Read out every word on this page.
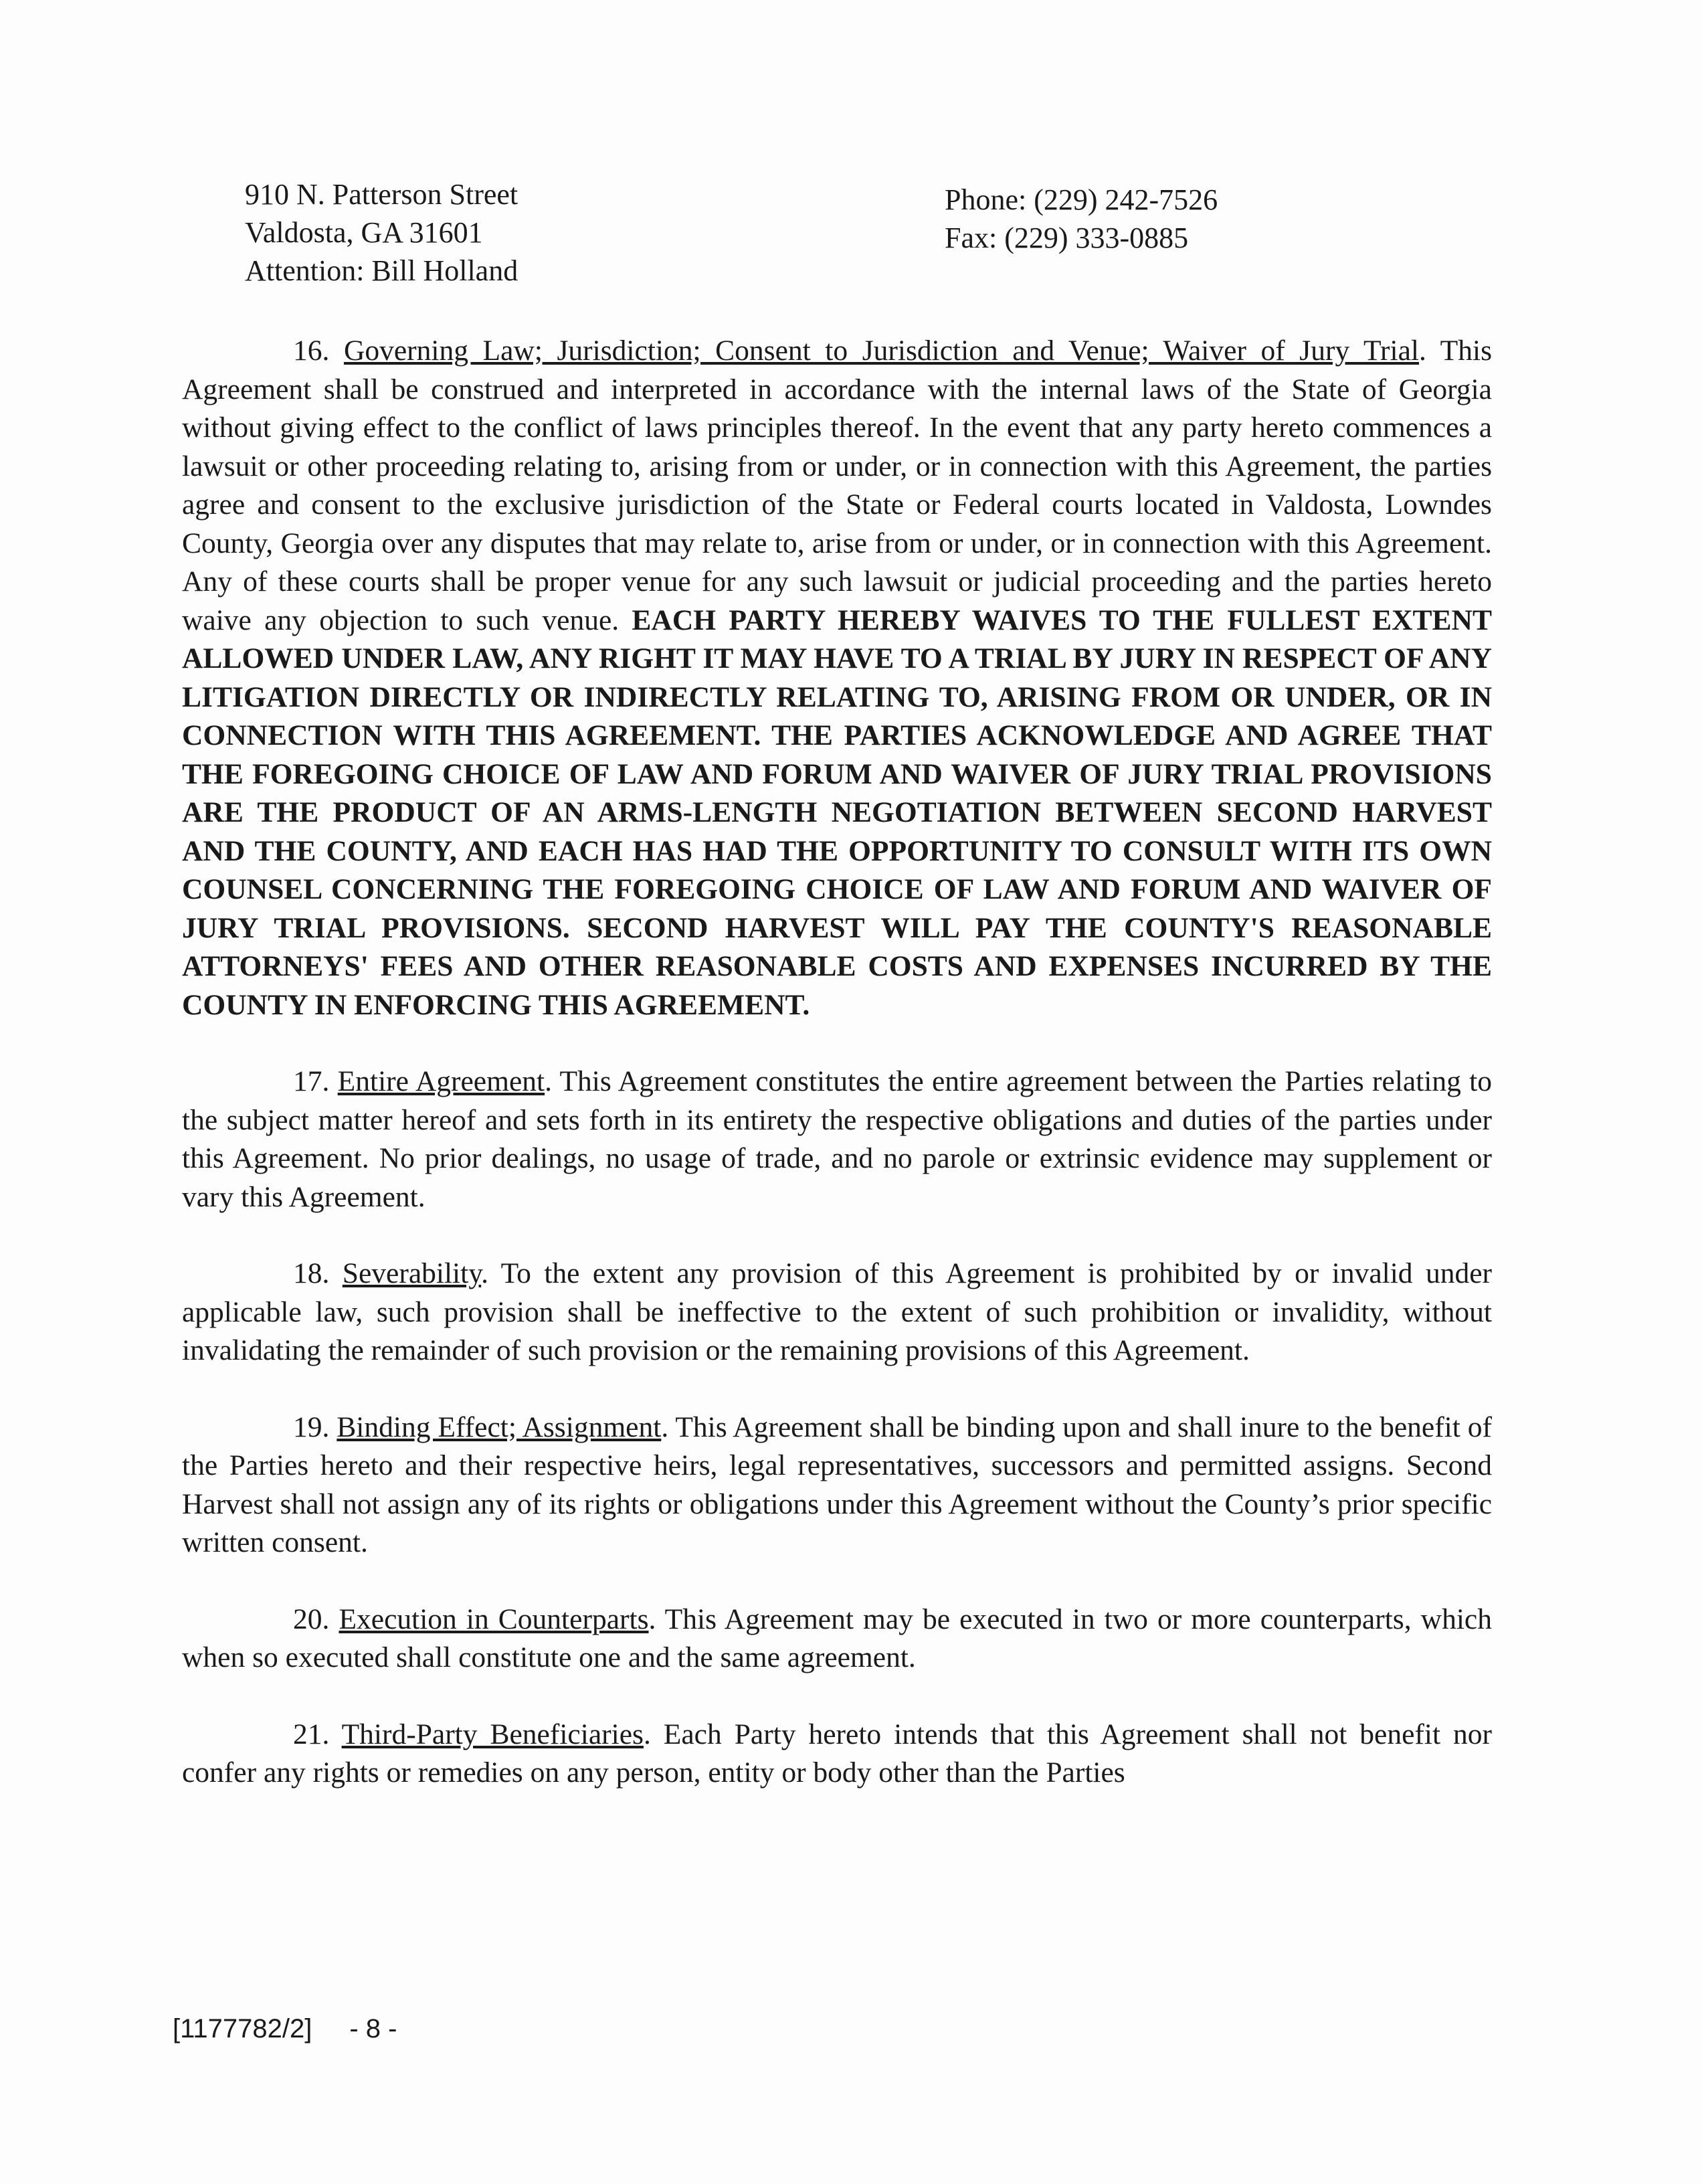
910 N. Patterson Street
Valdosta, GA 31601
Attention: Bill Holland
Phone: (229) 242-7526
Fax: (229) 333-0885

16. Governing Law; Jurisdiction; Consent to Jurisdiction and Venue; Waiver of Jury Trial. This Agreement shall be construed and interpreted in accordance with the internal laws of the State of Georgia without giving effect to the conflict of laws principles thereof. In the event that any party hereto commences a lawsuit or other proceeding relating to, arising from or under, or in connection with this Agreement, the parties agree and consent to the exclusive jurisdiction of the State or Federal courts located in Valdosta, Lowndes County, Georgia over any disputes that may relate to, arise from or under, or in connection with this Agreement. Any of these courts shall be proper venue for any such lawsuit or judicial proceeding and the parties hereto waive any objection to such venue. EACH PARTY HEREBY WAIVES TO THE FULLEST EXTENT ALLOWED UNDER LAW, ANY RIGHT IT MAY HAVE TO A TRIAL BY JURY IN RESPECT OF ANY LITIGATION DIRECTLY OR INDIRECTLY RELATING TO, ARISING FROM OR UNDER, OR IN CONNECTION WITH THIS AGREEMENT. THE PARTIES ACKNOWLEDGE AND AGREE THAT THE FOREGOING CHOICE OF LAW AND FORUM AND WAIVER OF JURY TRIAL PROVISIONS ARE THE PRODUCT OF AN ARMS-LENGTH NEGOTIATION BETWEEN SECOND HARVEST AND THE COUNTY, AND EACH HAS HAD THE OPPORTUNITY TO CONSULT WITH ITS OWN COUNSEL CONCERNING THE FOREGOING CHOICE OF LAW AND FORUM AND WAIVER OF JURY TRIAL PROVISIONS. SECOND HARVEST WILL PAY THE COUNTY'S REASONABLE ATTORNEYS' FEES AND OTHER REASONABLE COSTS AND EXPENSES INCURRED BY THE COUNTY IN ENFORCING THIS AGREEMENT.

17. Entire Agreement. This Agreement constitutes the entire agreement between the Parties relating to the subject matter hereof and sets forth in its entirety the respective obligations and duties of the parties under this Agreement. No prior dealings, no usage of trade, and no parole or extrinsic evidence may supplement or vary this Agreement.

18. Severability. To the extent any provision of this Agreement is prohibited by or invalid under applicable law, such provision shall be ineffective to the extent of such prohibition or invalidity, without invalidating the remainder of such provision or the remaining provisions of this Agreement.

19. Binding Effect; Assignment. This Agreement shall be binding upon and shall inure to the benefit of the Parties hereto and their respective heirs, legal representatives, successors and permitted assigns. Second Harvest shall not assign any of its rights or obligations under this Agreement without the County’s prior specific written consent.

20. Execution in Counterparts. This Agreement may be executed in two or more counterparts, which when so executed shall constitute one and the same agreement.

21. Third-Party Beneficiaries. Each Party hereto intends that this Agreement shall not benefit nor confer any rights or remedies on any person, entity or body other than the Parties

[1177782/2] - 8 -
